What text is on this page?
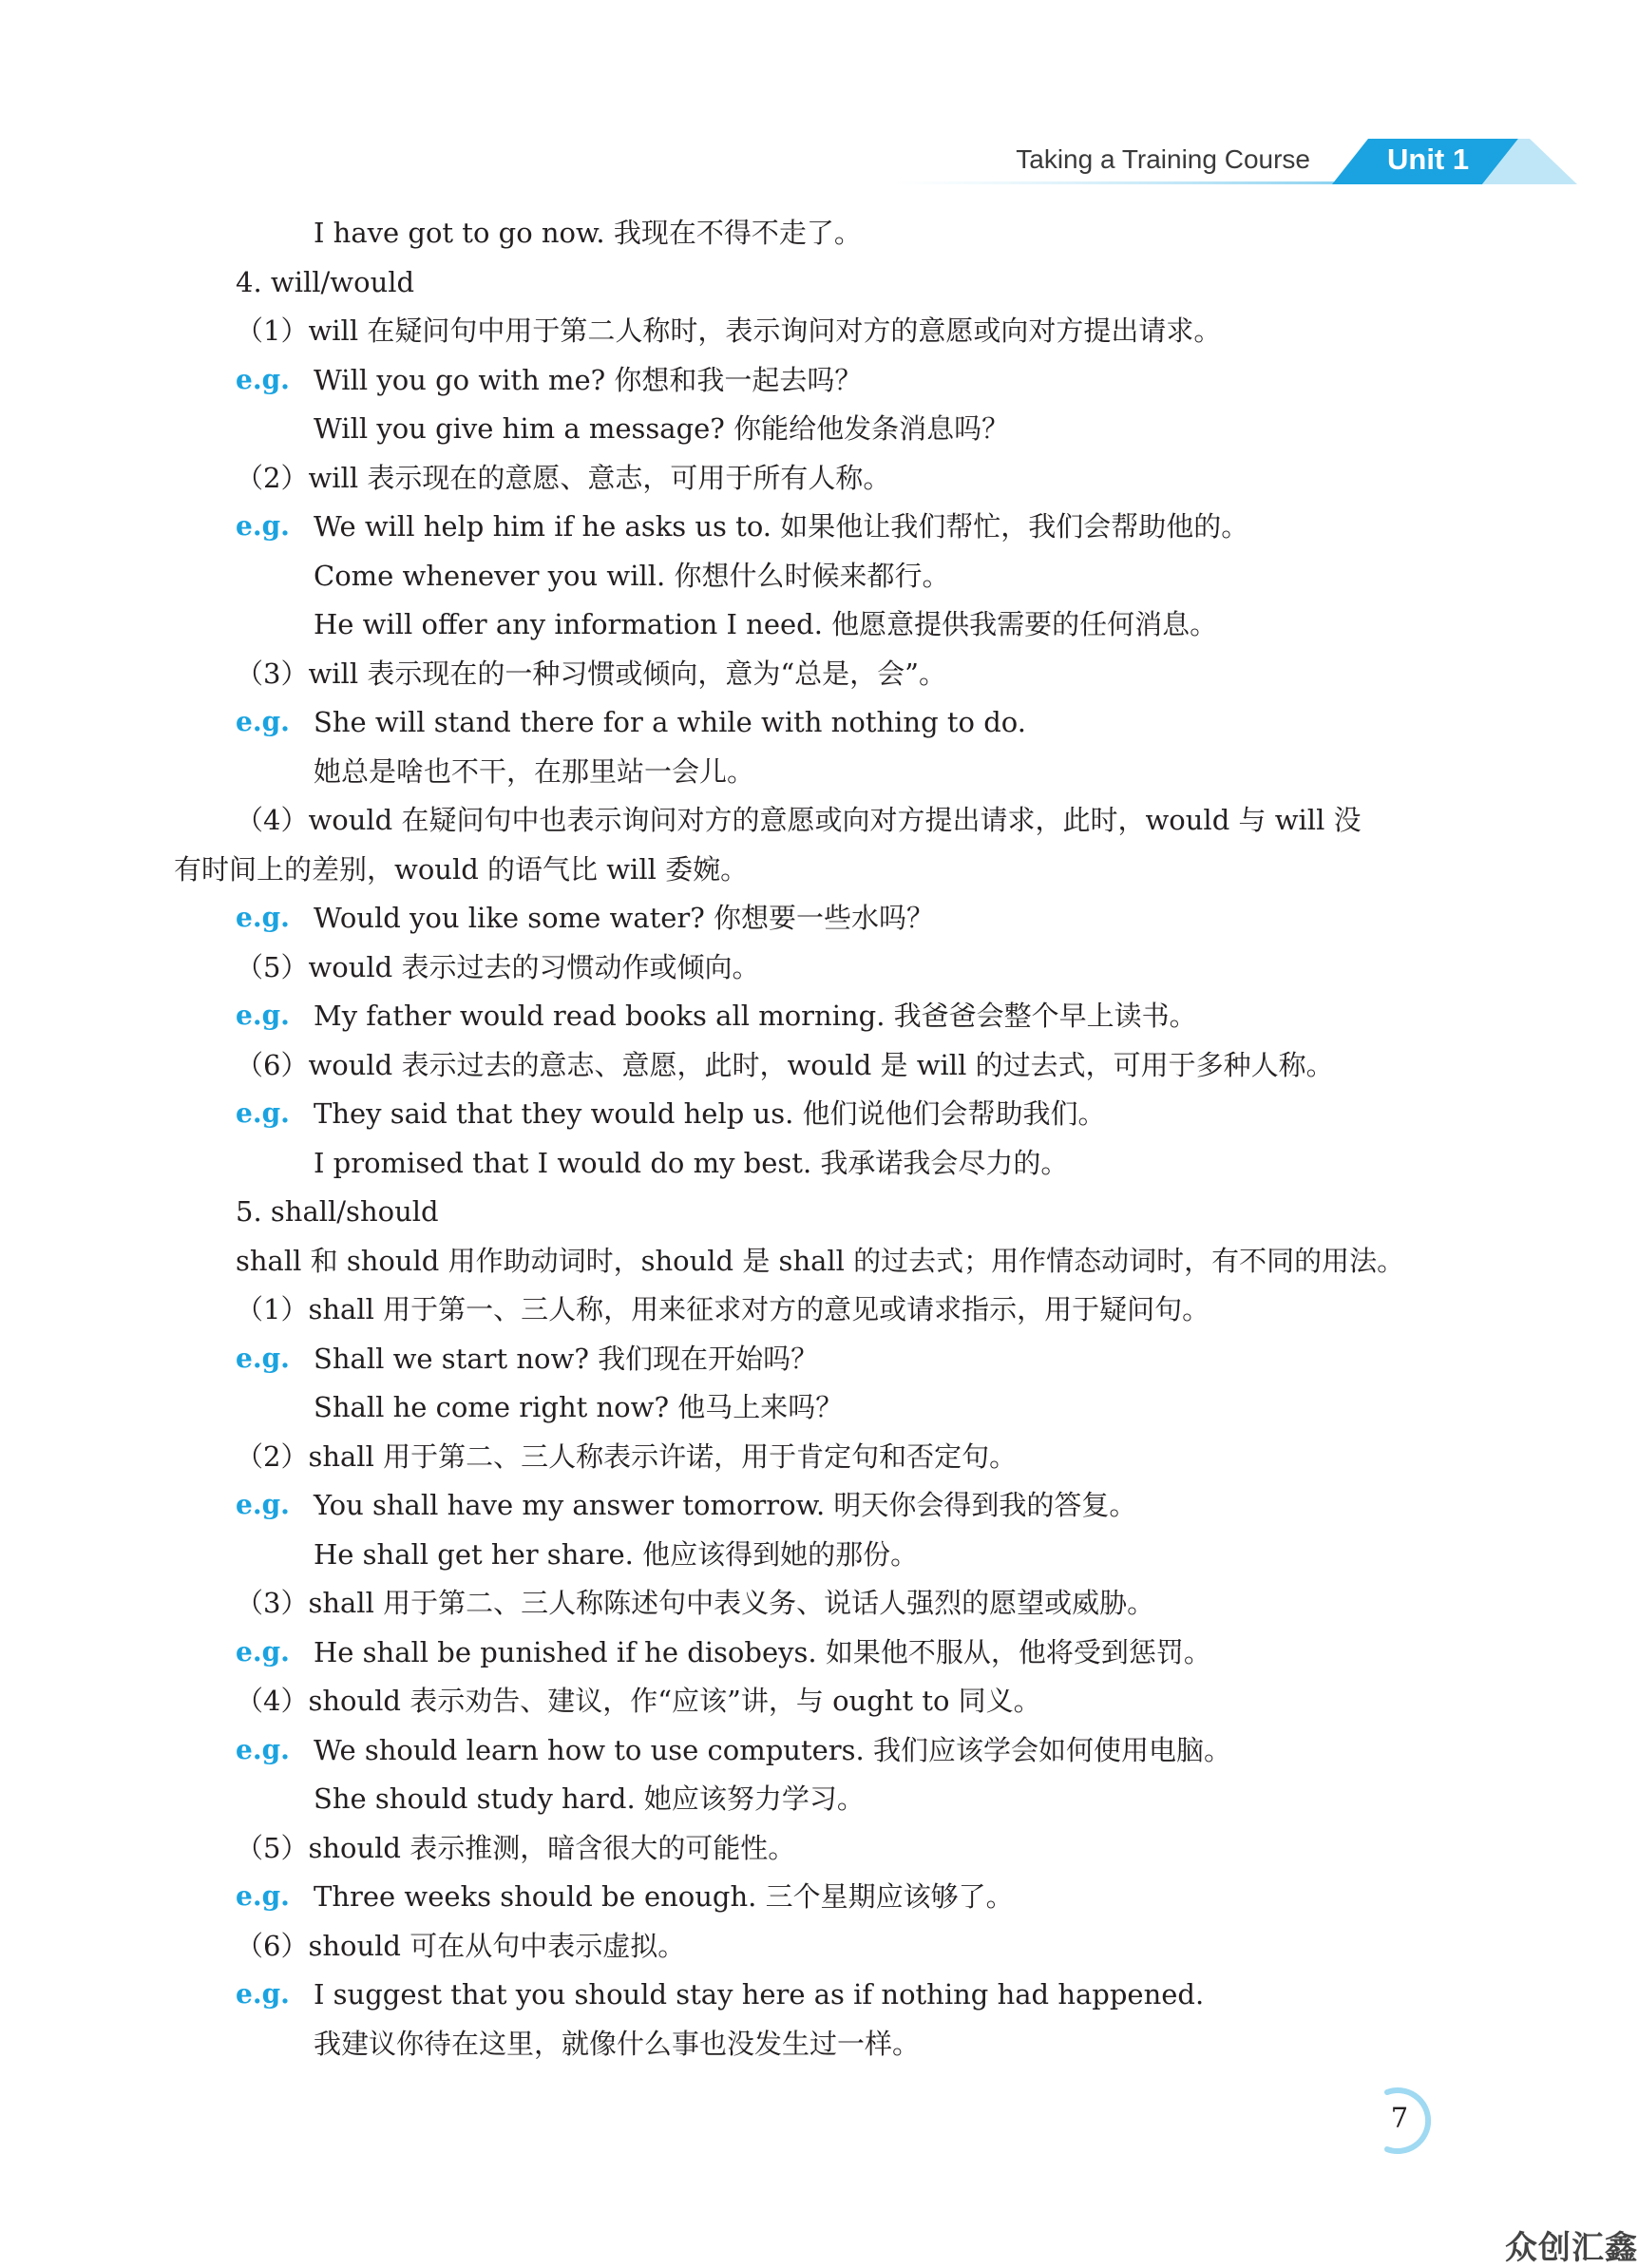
Taking a Training Course	Unit 1
I have got to go now. 我现在不得不走了。
4. will/would
（1）will 在疑问句中用于第二人称时，表示询问对方的意愿或向对方提出请求。
e.g. Will you go with me? 你想和我一起去吗？
Will you give him a message? 你能给他发条消息吗？
（2）will 表示现在的意愿、意志，可用于所有人称。
e.g. We will help him if he asks us to. 如果他让我们帮忙，我们会帮助他的。
Come whenever you will. 你想什么时候来都行。
He will offer any information I need. 他愿意提供我需要的任何消息。
（3）will 表示现在的一种习惯或倾向，意为“总是，会”。
e.g. She will stand there for a while with nothing to do.
她总是啥也不干，在那里站一会儿。
（4）would 在疑问句中也表示询问对方的意愿或向对方提出请求，此时，would 与 will 没
有时间上的差别，would 的语气比 will 委婉。
e.g. Would you like some water? 你想要一些水吗？
（5）would 表示过去的习惯动作或倾向。
e.g. My father would read books all morning. 我爸爸会整个早上读书。
（6）would 表示过去的意志、意愿，此时，would 是 will 的过去式，可用于多种人称。
e.g. They said that they would help us. 他们说他们会帮助我们。
I promised that I would do my best. 我承诺我会尽力的。
5. shall/should
shall 和 should 用作助动词时，should 是 shall 的过去式；用作情态动词时，有不同的用法。
（1）shall 用于第一、三人称，用来征求对方的意见或请求指示，用于疑问句。
e.g. Shall we start now? 我们现在开始吗？
Shall he come right now? 他马上来吗？
（2）shall 用于第二、三人称表示许诺，用于肯定句和否定句。
e.g. You shall have my answer tomorrow. 明天你会得到我的答复。
He shall get her share. 他应该得到她的那份。
（3）shall 用于第二、三人称陈述句中表义务、说话人强烈的愿望或威胁。
e.g. He shall be punished if he disobeys. 如果他不服从，他将受到惩罚。
（4）should 表示劝告、建议，作“应该”讲，与 ought to 同义。
e.g. We should learn how to use computers. 我们应该学会如何使用电脑。
She should study hard. 她应该努力学习。
（5）should 表示推测，暗含很大的可能性。
e.g. Three weeks should be enough. 三个星期应该够了。
（6）should 可在从句中表示虚拟。
e.g. I suggest that you should stay here as if nothing had happened.
我建议你待在这里，就像什么事也没发生过一样。
7
众创汇鑫
